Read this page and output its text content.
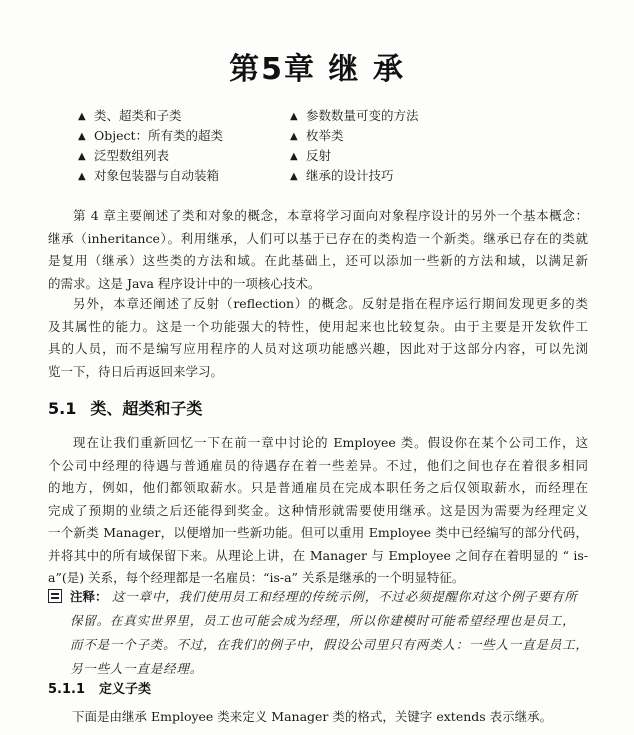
第5章 继 承
▲ 类、超类和子类	▲ 参数数量可变的方法
▲ Object：所有类的超类	▲ 枚举类
▲ 泛型数组列表	▲ 反射
▲ 对象包装器与自动装箱	▲ 继承的设计技巧
第 4 章主要阐述了类和对象的概念，本章将学习面向对象程序设计的另外一个基本概念：
继承（inheritance）。利用继承，人们可以基于已存在的类构造一个新类。继承已存在的类就
是复用（继承）这些类的方法和域。在此基础上，还可以添加一些新的方法和域，以满足新
的需求。这是 Java 程序设计中的一项核心技术。
另外，本章还阐述了反射（reflection）的概念。反射是指在程序运行期间发现更多的类
及其属性的能力。这是一个功能强大的特性，使用起来也比较复杂。由于主要是开发软件工
具的人员，而不是编写应用程序的人员对这项功能感兴趣，因此对于这部分内容，可以先浏
览一下，待日后再返回来学习。
5.1 类、超类和子类
现在让我们重新回忆一下在前一章中讨论的 Employee 类。假设你在某个公司工作，这
个公司中经理的待遇与普通雇员的待遇存在着一些差异。不过，他们之间也存在着很多相同
的地方，例如，他们都领取薪水。只是普通雇员在完成本职任务之后仅领取薪水，而经理在
完成了预期的业绩之后还能得到奖金。这种情形就需要使用继承。这是因为需要为经理定义
一个新类 Manager，以便增加一些新功能。但可以重用 Employee 类中已经编写的部分代码，
并将其中的所有域保留下来。从理论上讲，在 Manager 与 Employee 之间存在着明显的 “ is-
a”(是) 关系，每个经理都是一名雇员：“is-a” 关系是继承的一个明显特征。
注释： 这一章中，我们使用员工和经理的传统示例，不过必须提醒你对这个例子要有所
保留。在真实世界里，员工也可能会成为经理，所以你建模时可能希望经理也是员工，
而不是一个子类。不过，在我们的例子中，假设公司里只有两类人：一些人一直是员工，
另一些人一直是经理。
5.1.1 定义子类
下面是由继承 Employee 类来定义 Manager 类的格式，关键字 extends 表示继承。
